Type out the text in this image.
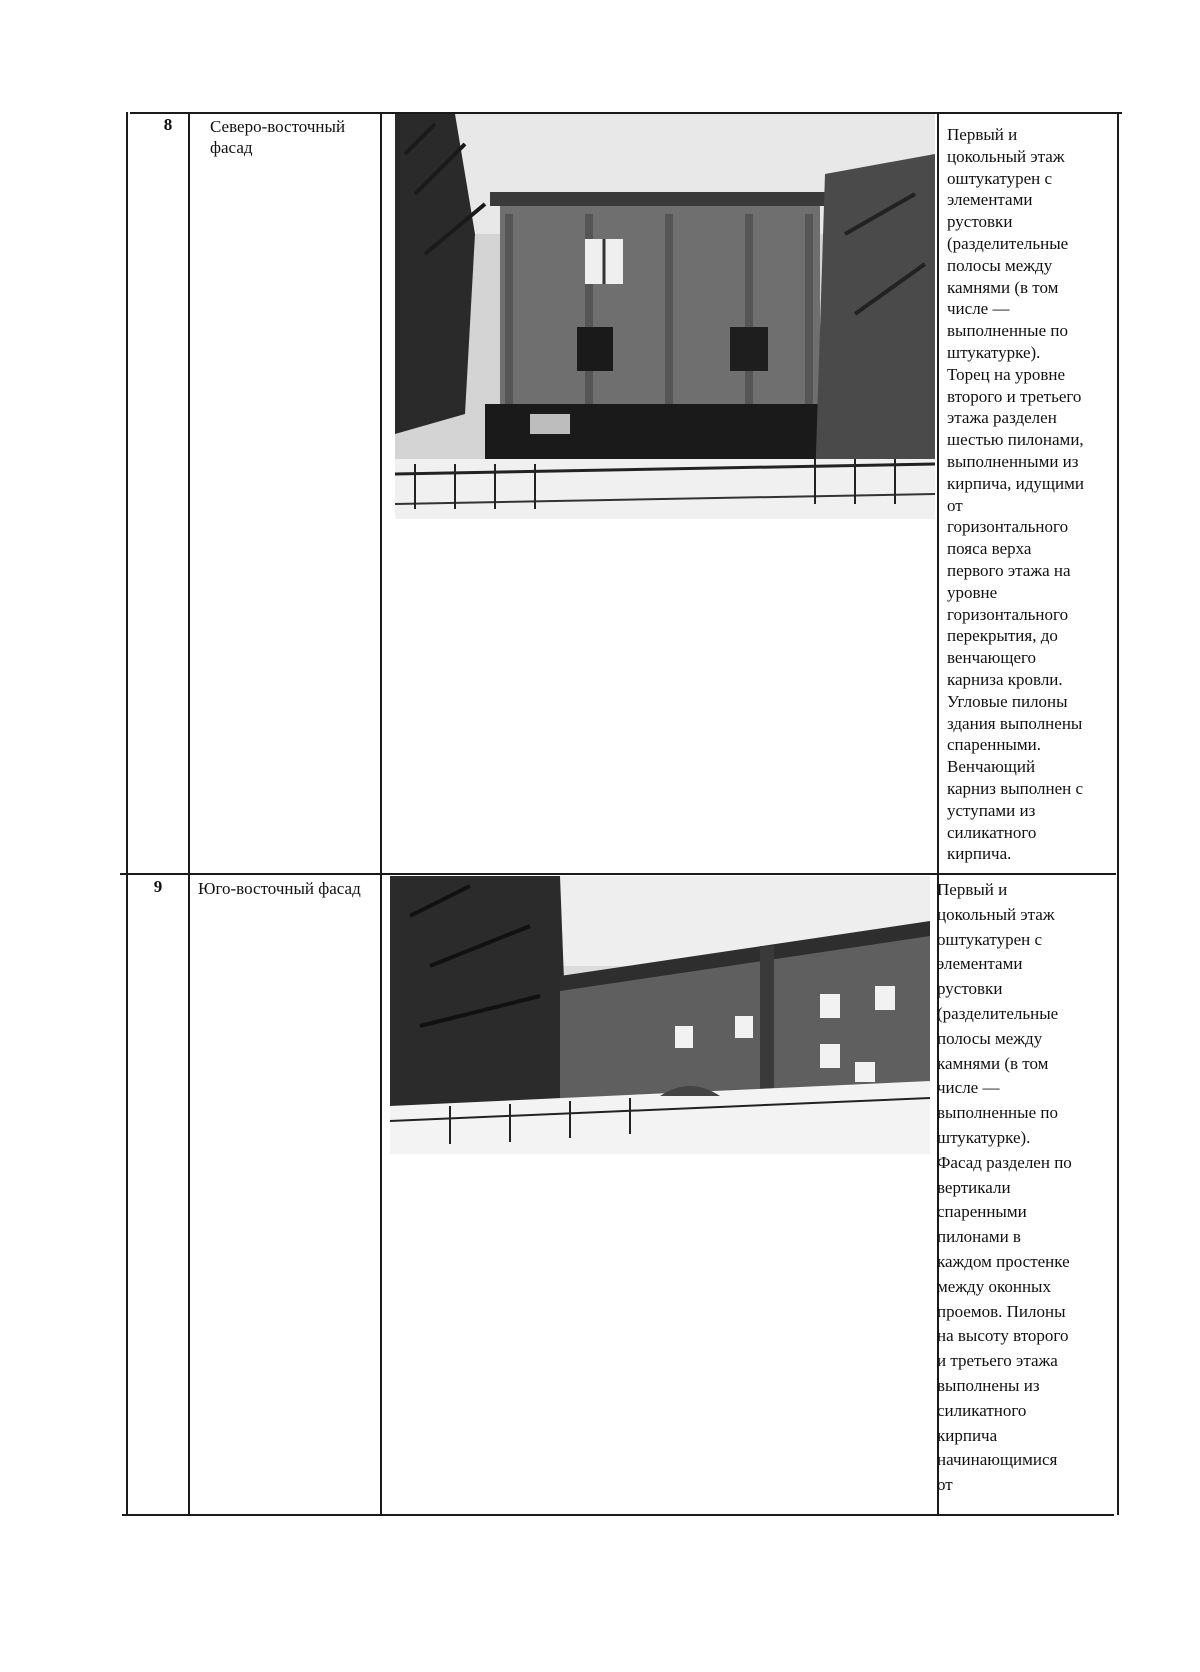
8	Северо-восточный фасад
Первый и
цокольный этаж
оштукатурен с
элементами
рустовки
(разделительные
полосы между
камнями (в том
числе —
выполненные по
штукатурке).
Торец на уровне
второго и третьего
этажа разделен
шестью пилонами,
выполненными из
кирпича, идущими
от
горизонтального
пояса верха
первого этажа на
уровне
горизонтального
перекрытия, до
венчающего
карниза кровли.
Угловые пилоны
здания выполнены
спаренными.
Венчающий
карниз выполнен с
уступами из
силикатного
кирпича.
9	Юго-восточный фасад	Первый и
цокольный этаж
оштукатурен с
элементами
рустовки
(разделительные
полосы между
камнями (в том
числе —
выполненные по
штукатурке).
Фасад разделен по
вертикали
спаренными
пилонами в
каждом простенке
между оконных
проемов. Пилоны
на высоту второго
и третьего этажа
выполнены из
силикатного
кирпича
начинающимися
от
